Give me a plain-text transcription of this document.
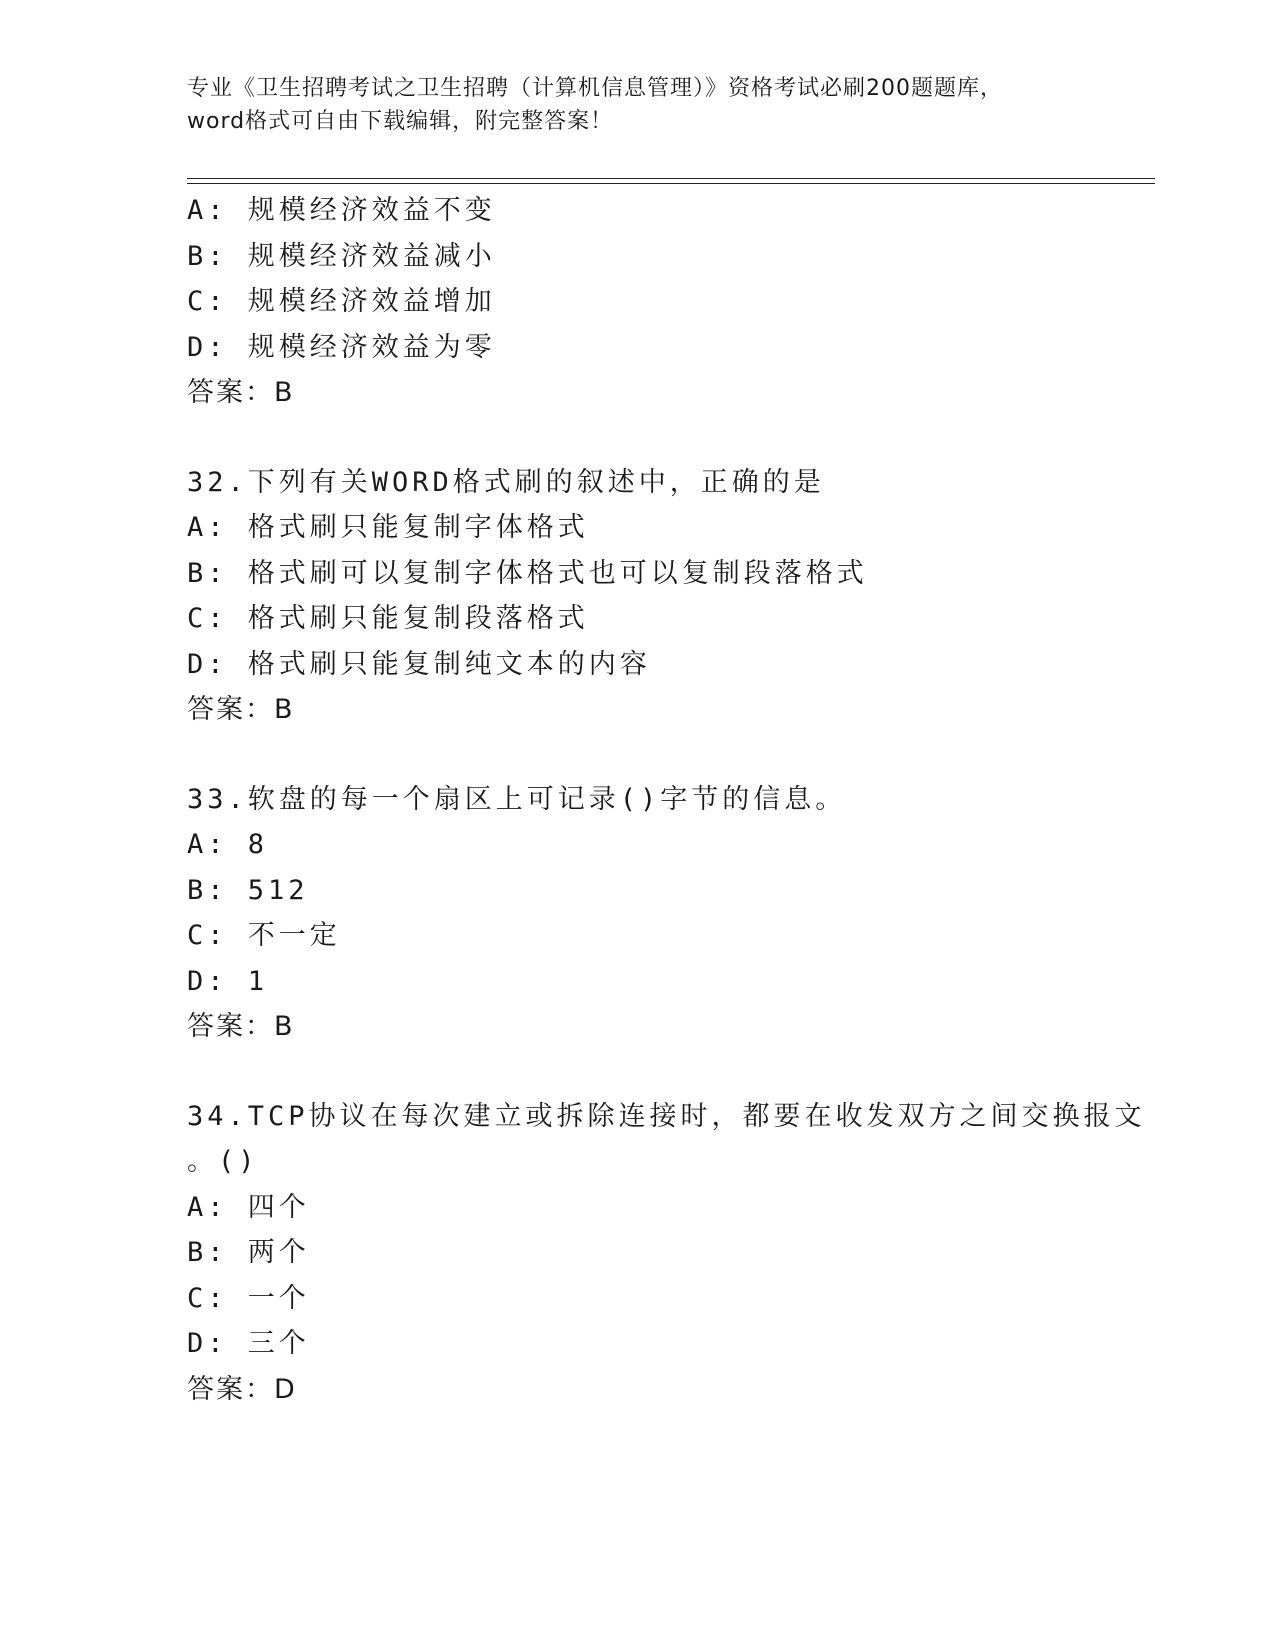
专业《卫生招聘考试之卫生招聘（计算机信息管理）》资格考试必刷200题题库，
word格式可自由下载编辑，附完整答案！
A: 规模经济效益不变
B: 规模经济效益减小
C: 规模经济效益增加
D: 规模经济效益为零
答案：B
32.下列有关WORD格式刷的叙述中，正确的是
A: 格式刷只能复制字体格式
B: 格式刷可以复制字体格式也可以复制段落格式
C: 格式刷只能复制段落格式
D: 格式刷只能复制纯文本的内容
答案：B
33.软盘的每一个扇区上可记录()字节的信息。
A: 8
B: 512
C: 不一定
D: 1
答案：B
34.TCP协议在每次建立或拆除连接时，都要在收发双方之间交换报文
。()
A: 四个
B: 两个
C: 一个
D: 三个
答案：D
